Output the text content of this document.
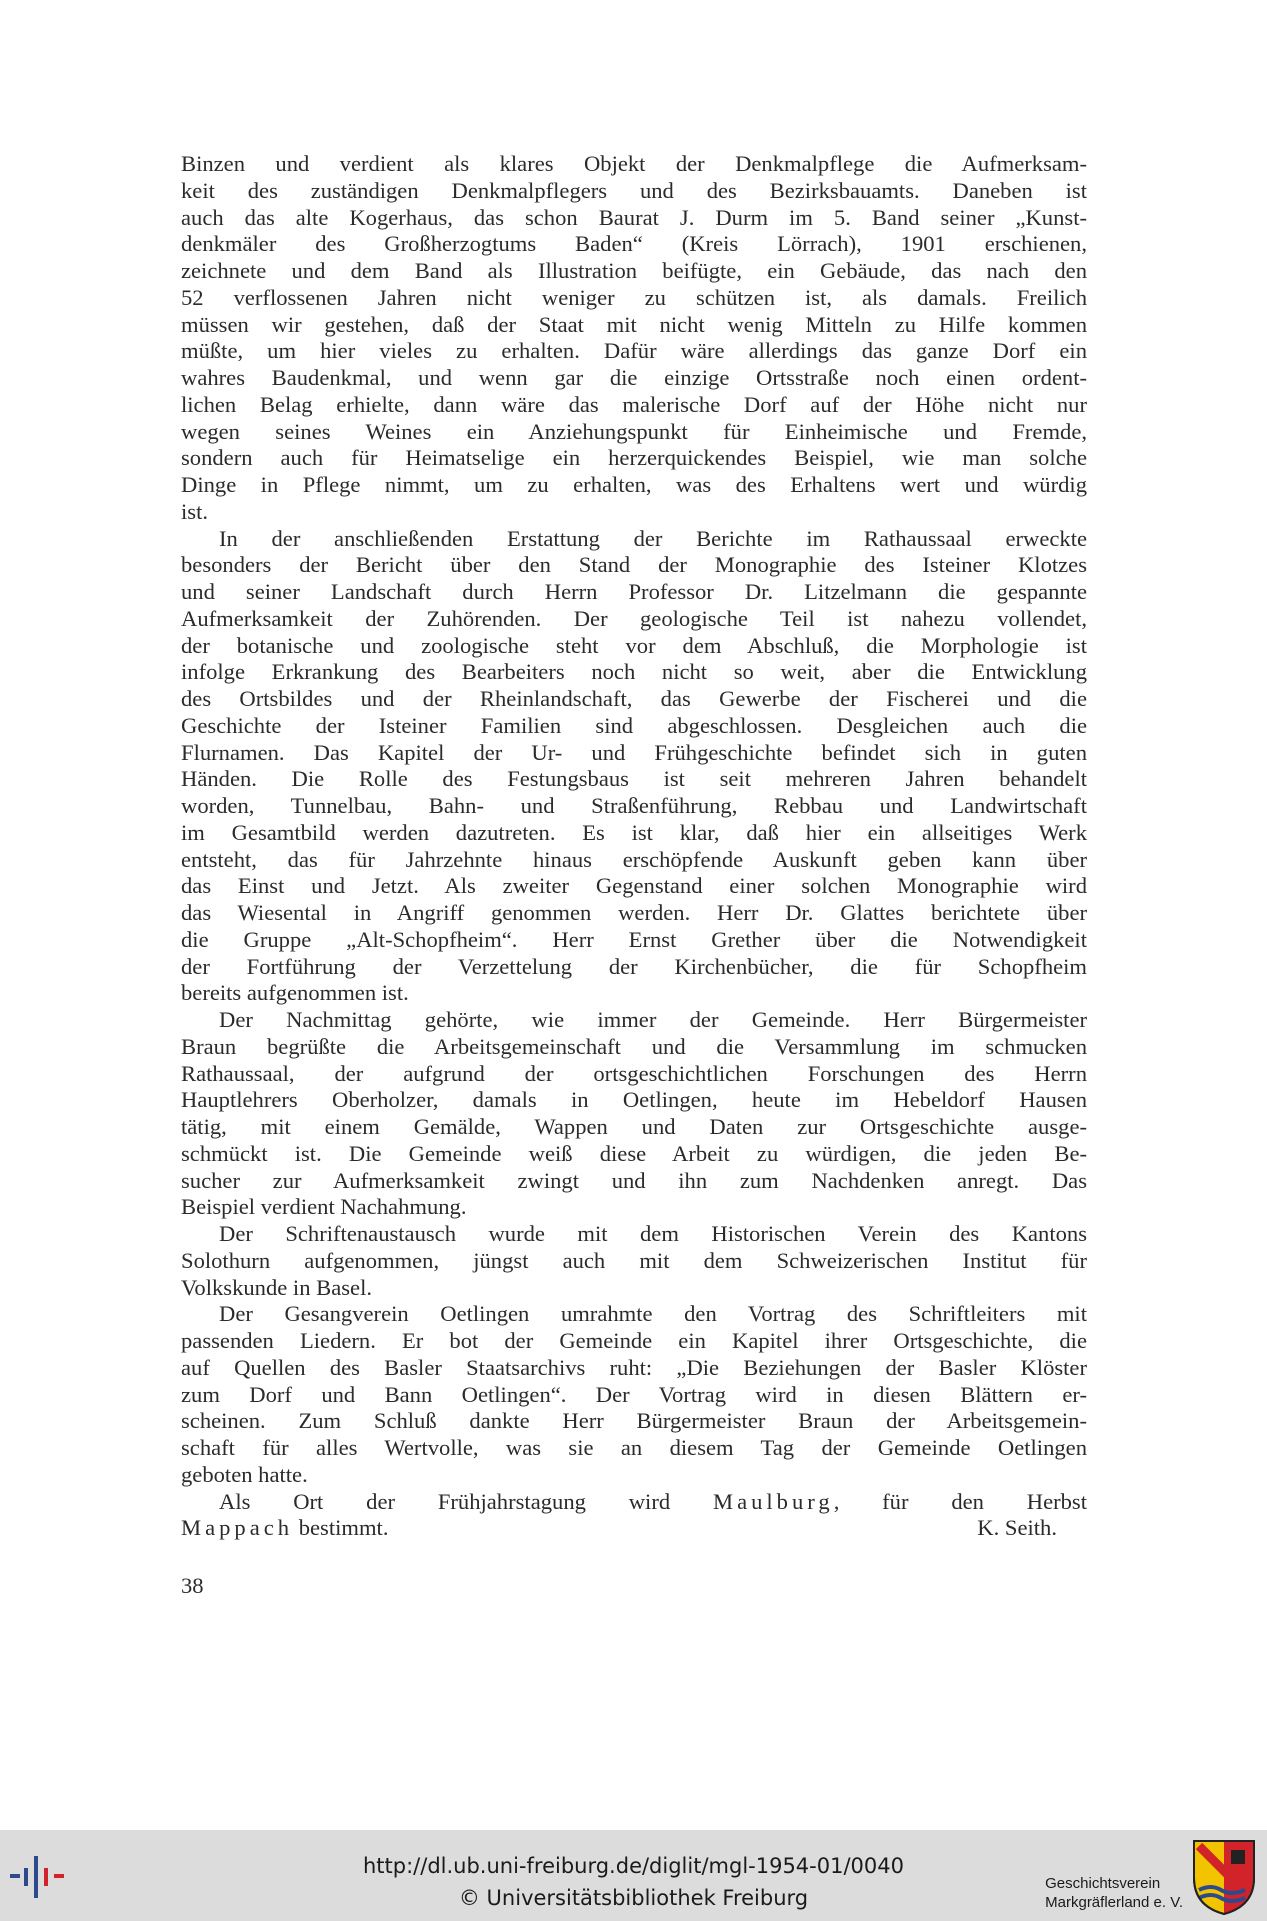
Binzen und verdient als klares Objekt der Denkmalpflege die Aufmerksam-
keit des zuständigen Denkmalpflegers und des Bezirksbauamts. Daneben ist
auch das alte Kogerhaus, das schon Baurat J. Durm im 5. Band seiner „Kunst-
denkmäler des Großherzogtums Baden“ (Kreis Lörrach), 1901 erschienen,
zeichnete und dem Band als Illustration beifügte, ein Gebäude, das nach den
52 verflossenen Jahren nicht weniger zu schützen ist, als damals. Freilich
müssen wir gestehen, daß der Staat mit nicht wenig Mitteln zu Hilfe kommen
müßte, um hier vieles zu erhalten. Dafür wäre allerdings das ganze Dorf ein
wahres Baudenkmal, und wenn gar die einzige Ortsstraße noch einen ordent-
lichen Belag erhielte, dann wäre das malerische Dorf auf der Höhe nicht nur
wegen seines Weines ein Anziehungspunkt für Einheimische und Fremde,
sondern auch für Heimatselige ein herzerquickendes Beispiel, wie man solche
Dinge in Pflege nimmt, um zu erhalten, was des Erhaltens wert und würdig
ist.
In der anschließenden Erstattung der Berichte im Rathaussaal erweckte
besonders der Bericht über den Stand der Monographie des Isteiner Klotzes
und seiner Landschaft durch Herrn Professor Dr. Litzelmann die gespannte
Aufmerksamkeit der Zuhörenden. Der geologische Teil ist nahezu vollendet,
der botanische und zoologische steht vor dem Abschluß, die Morphologie ist
infolge Erkrankung des Bearbeiters noch nicht so weit, aber die Entwicklung
des Ortsbildes und der Rheinlandschaft, das Gewerbe der Fischerei und die
Geschichte der Isteiner Familien sind abgeschlossen. Desgleichen auch die
Flurnamen. Das Kapitel der Ur- und Frühgeschichte befindet sich in guten
Händen. Die Rolle des Festungsbaus ist seit mehreren Jahren behandelt
worden, Tunnelbau, Bahn- und Straßenführung, Rebbau und Landwirtschaft
im Gesamtbild werden dazutreten. Es ist klar, daß hier ein allseitiges Werk
entsteht, das für Jahrzehnte hinaus erschöpfende Auskunft geben kann über
das Einst und Jetzt. Als zweiter Gegenstand einer solchen Monographie wird
das Wiesental in Angriff genommen werden. Herr Dr. Glattes berichtete über
die Gruppe „Alt-Schopfheim“. Herr Ernst Grether über die Notwendigkeit
der Fortführung der Verzettelung der Kirchenbücher, die für Schopfheim
bereits aufgenommen ist.
Der Nachmittag gehörte, wie immer der Gemeinde. Herr Bürgermeister
Braun begrüßte die Arbeitsgemeinschaft und die Versammlung im schmucken
Rathaussaal, der aufgrund der ortsgeschichtlichen Forschungen des Herrn
Hauptlehrers Oberholzer, damals in Oetlingen, heute im Hebeldorf Hausen
tätig, mit einem Gemälde, Wappen und Daten zur Ortsgeschichte ausge-
schmückt ist. Die Gemeinde weiß diese Arbeit zu würdigen, die jeden Be-
sucher zur Aufmerksamkeit zwingt und ihn zum Nachdenken anregt. Das
Beispiel verdient Nachahmung.
Der Schriftenaustausch wurde mit dem Historischen Verein des Kantons
Solothurn aufgenommen, jüngst auch mit dem Schweizerischen Institut für
Volkskunde in Basel.
Der Gesangverein Oetlingen umrahmte den Vortrag des Schriftleiters mit
passenden Liedern. Er bot der Gemeinde ein Kapitel ihrer Ortsgeschichte, die
auf Quellen des Basler Staatsarchivs ruht: „Die Beziehungen der Basler Klöster
zum Dorf und Bann Oetlingen“. Der Vortrag wird in diesen Blättern er-
scheinen. Zum Schluß dankte Herr Bürgermeister Braun der Arbeitsgemein-
schaft für alles Wertvolle, was sie an diesem Tag der Gemeinde Oetlingen
geboten hatte.
Als Ort der Frühjahrstagung wird Maulburg, für den Herbst
Mappach bestimmt.	K. Seith.
38
http://dl.ub.uni-freiburg.de/diglit/mgl-1954-01/0040
© Universitätsbibliothek Freiburg
Geschichtsverein
Markgräflerland e. V.
